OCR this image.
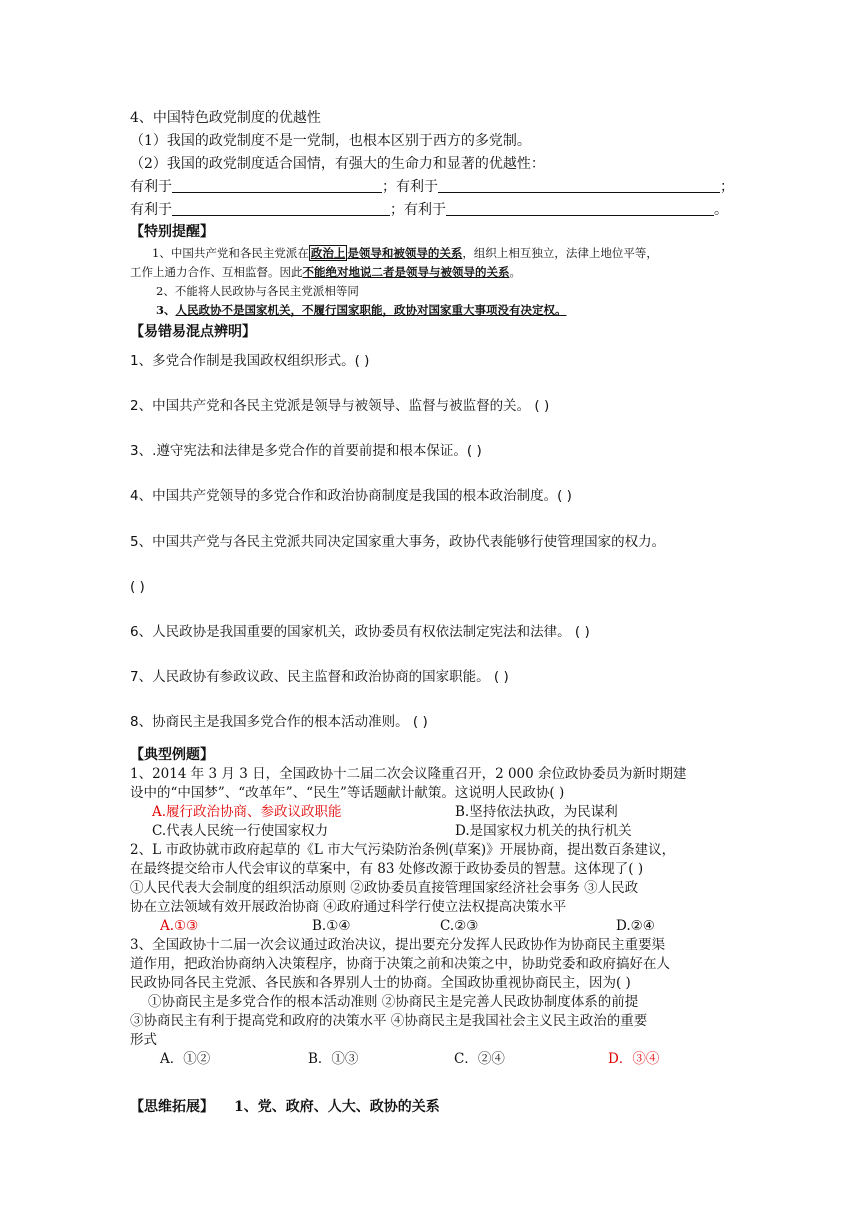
4、中国特色政党制度的优越性
（1）我国的政党制度不是一党制，也根本区别于西方的多党制。
（2）我国的政党制度适合国情，有强大的生命力和显著的优越性：
有利于	；有利于	；
有利于	；有利于	。
【特别提醒】
1、中国共产党和各民主党派在 政治上 是领导和被领导的关系，组织上相互独立，法律上地位平等，
工作上通力合作、互相监督。因此不能绝对地说二者是领导与被领导的关系。
2、不能将人民政协与各民主党派相等同
3、人民政协不是国家机关，不履行国家职能，政协对国家重大事项没有决定权。
【易错易混点辨明】
1、多党合作制是我国政权组织形式。( )
2、中国共产党和各民主党派是领导与被领导、监督与被监督的关。 ( )
3、.遵守宪法和法律是多党合作的首要前提和根本保证。( )
4、中国共产党领导的多党合作和政治协商制度是我国的根本政治制度。( )
5、中国共产党与各民主党派共同决定国家重大事务，政协代表能够行使管理国家的权力。
( )
6、人民政协是我国重要的国家机关，政协委员有权依法制定宪法和法律。 ( )
7、人民政协有参政议政、民主监督和政治协商的国家职能。 ( )
8、协商民主是我国多党合作的根本活动准则。 ( )
【典型例题】
1、2014 年 3 月 3 日，全国政协十二届二次会议隆重召开，2 000 余位政协委员为新时期建
设中的“中国梦”、“改革年”、“民生”等话题献计献策。这说明人民政协( )
A.履行政治协商、参政议政职能	B.坚持依法执政，为民谋利
C.代表人民统一行使国家权力	D.是国家权力机关的执行机关
2、L 市政协就市政府起草的《L 市大气污染防治条例(草案)》开展协商，提出数百条建议，
在最终提交给市人代会审议的草案中，有 83 处修改源于政协委员的智慧。这体现了( )
①人民代表大会制度的组织活动原则 ②政协委员直接管理国家经济社会事务 ③人民政
协在立法领域有效开展政治协商 ④政府通过科学行使立法权提高决策水平
A.①③	B.①④	C.②③	D.②④
3、全国政协十二届一次会议通过政治决议，提出要充分发挥人民政协作为协商民主重要渠
道作用，把政治协商纳入决策程序，协商于决策之前和决策之中，协助党委和政府搞好在人
民政协同各民主党派、各民族和各界别人士的协商。全国政协重视协商民主，因为( )
①协商民主是多党合作的根本活动准则 ②协商民主是完善人民政协制度体系的前提
③协商民主有利于提高党和政府的决策水平 ④协商民主是我国社会主义民主政治的重要
形式
A．①②	B．①③	C．②④	D．③④
【思维拓展】 1、党、政府、人大、政协的关系
